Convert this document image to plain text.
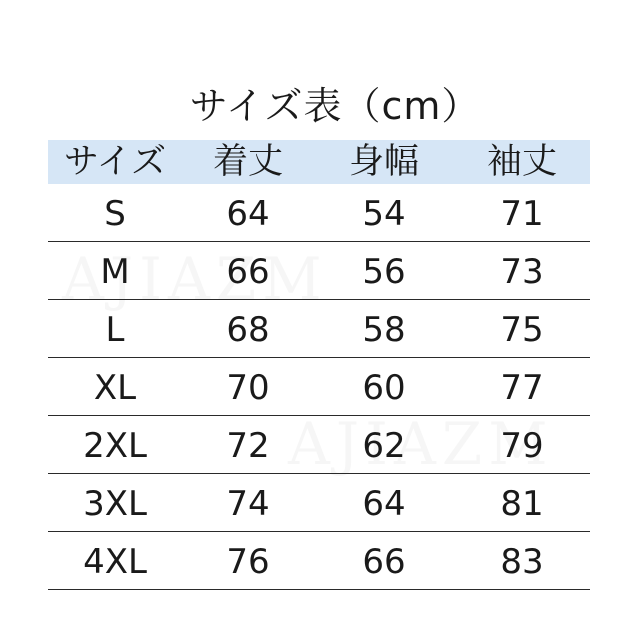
サイズ表（cm）
サイズ	着丈	身幅	袖丈
S	64	54	71
M	66	56	73
L	68	58	75
XL	70	60	77
2XL	72	62	79
3XL	74	64	81
4XL	76	66	83
